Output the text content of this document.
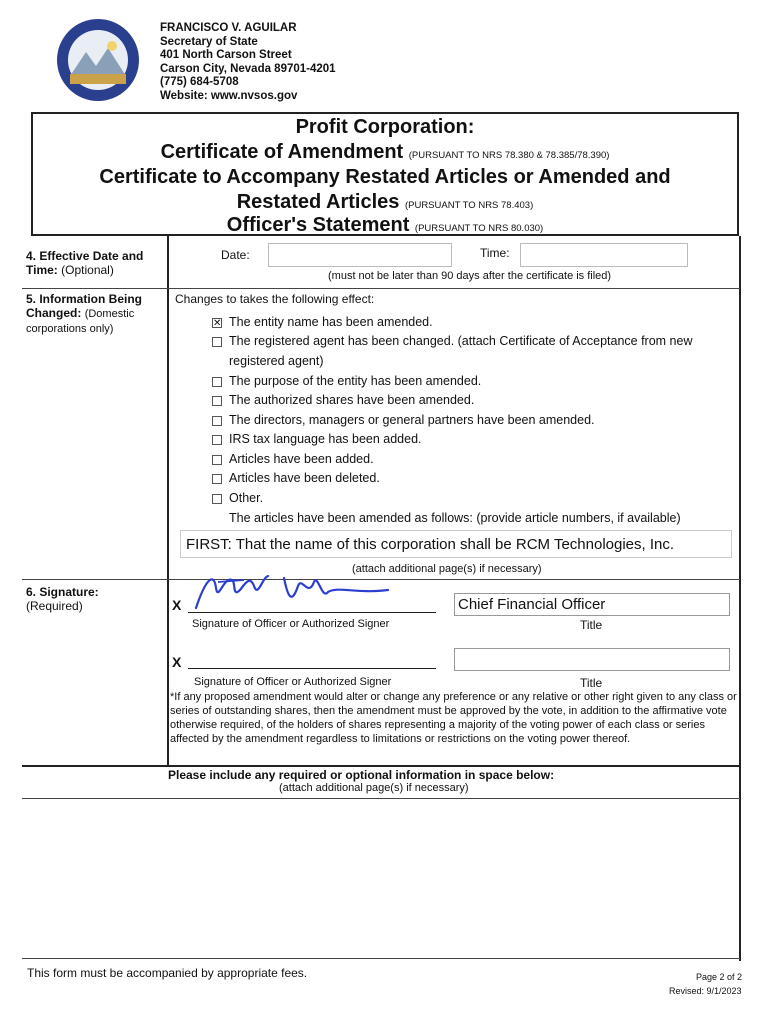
FRANCISCO V. AGUILAR
Secretary of State
401 North Carson Street
Carson City, Nevada 89701-4201
(775) 684-5708
Website: www.nvsos.gov
Profit Corporation:
Certificate of Amendment (PURSUANT TO NRS 78.380 & 78.385/78.390)
Certificate to Accompany Restated Articles or Amended and
Restated Articles (PURSUANT TO NRS 78.403)
Officer's Statement (PURSUANT TO NRS 80.030)
4. Effective Date and Time: (Optional)
Date:	Time:
(must not be later than 90 days after the certificate is filed)
5. Information Being Changed: (Domestic corporations only)
Changes to takes the following effect:
✕ The entity name has been amended.
The registered agent has been changed. (attach Certificate of Acceptance from new
The purpose of the entity has been amended.
The authorized shares have been amended.
The directors, managers or general partners have been amended.
IRS tax language has been added.
Articles have been added.
Articles have been deleted.
Other.
registered agent)
The articles have been amended as follows: (provide article numbers, if available)
FIRST: That the name of this corporation shall be RCM Technologies, Inc.
(attach additional page(s) if necessary)
6. Signature:
(Required)	X
Signature of Officer or Authorized Signer
Chief Financial Officer
Title
X
Signature of Officer or Authorized Signer	Title
*If any proposed amendment would alter or change any preference or any relative or other right given to any class or series of outstanding shares, then the amendment must be approved by the vote, in addition to the affirmative vote otherwise required, of the holders of shares representing a majority of the voting power of each class or series affected by the amendment regardless to limitations or restrictions on the voting power thereof.
Please include any required or optional information in space below:
(attach additional page(s) if necessary)
This form must be accompanied by appropriate fees.	Page 2 of 2
Revised: 9/1/2023
